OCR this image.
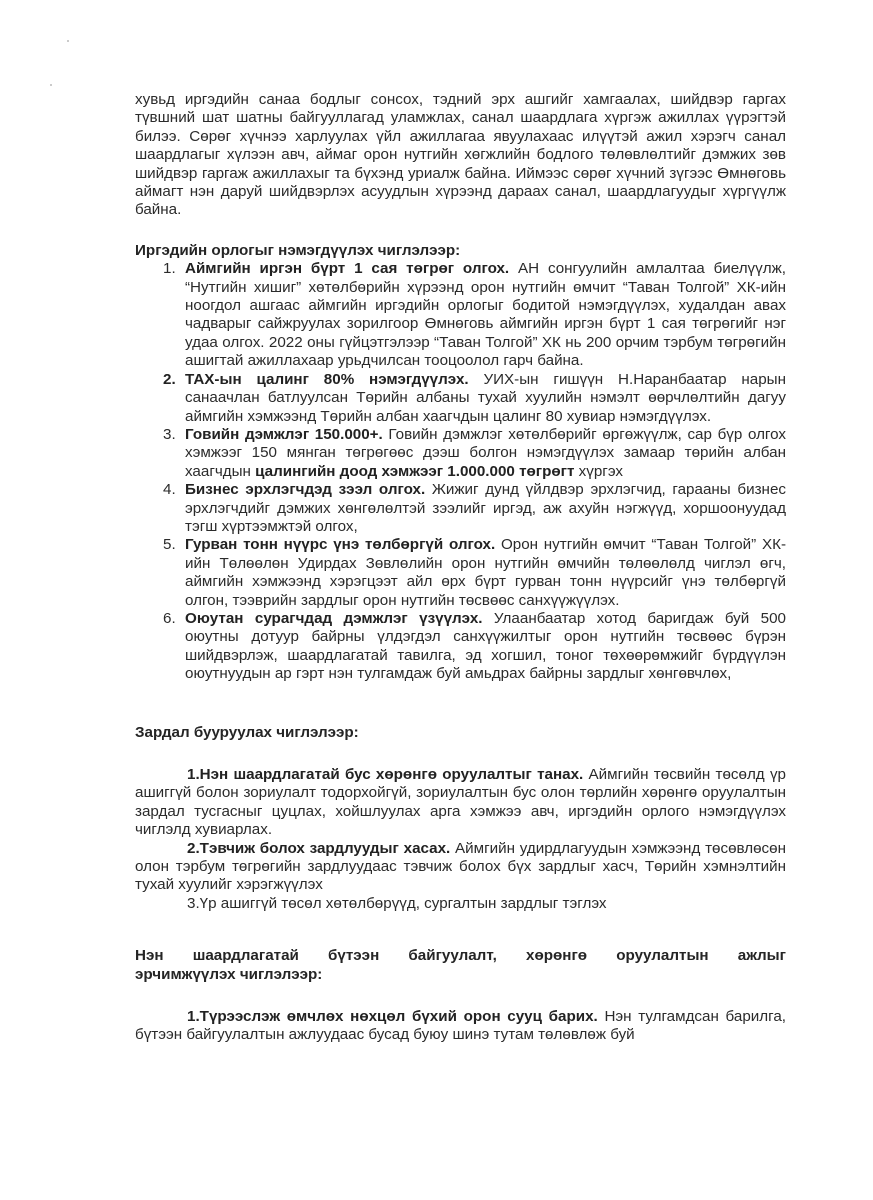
хувьд иргэдийн санаа бодлыг сонсох, тэдний эрх ашгийг хамгаалах, шийдвэр гаргах түвшний шат шатны байгууллагад уламжлах, санал шаардлага хүргэж ажиллах үүрэгтэй билээ. Сөрөг хүчнээ харлуулах үйл ажиллагаа явуулахаас илүүтэй ажил хэрэгч санал шаардлагыг хүлээн авч, аймаг орон нутгийн хөгжлийн бодлого төлөвлөлтийг дэмжих зөв шийдвэр гаргаж ажиллахыг та бүхэнд уриалж байна. Иймээс сөрөг хүчний зүгээс Өмнөговь аймагт нэн даруй шийдвэрлэх асуудлын хүрээнд дараах санал, шаардлагуудыг хүргүүлж байна.

Иргэдийн орлогыг нэмэгдүүлэх чиглэлээр:

1. Аймгийн иргэн бүрт 1 сая төгрөг олгох. АН сонгуулийн амлалтаа биелүүлж, “Нутгийн хишиг” хөтөлбөрийн хүрээнд орон нутгийн өмчит “Таван Толгой” ХК-ийн ноогдол ашгаас аймгийн иргэдийн орлогыг бодитой нэмэгдүүлэх, худалдан авах чадварыг сайжруулах зорилгоор Өмнөговь аймгийн иргэн бүрт 1 сая төгрөгийг нэг удаа олгох. 2022 оны гүйцэтгэлээр “Таван Толгой” ХК нь 200 орчим тэрбум төгрөгийн ашигтай ажиллахаар урьдчилсан тооцоолол гарч байна.
2. ТАХ-ын цалинг 80% нэмэгдүүлэх. УИХ-ын гишүүн Н.Наранбаатар нарын санаачлан батлуулсан Төрийн албаны тухай хуулийн нэмэлт өөрчлөлтийн дагуу аймгийн хэмжээнд Төрийн албан хаагчдын цалинг 80 хувиар нэмэгдүүлэх.
3. Говийн дэмжлэг 150.000+. Говийн дэмжлэг хөтөлбөрийг өргөжүүлж, сар бүр олгох хэмжээг 150 мянган төгрөгөөс дээш болгон нэмэгдүүлэх замаар төрийн албан хаагчдын цалингийн доод хэмжээг 1.000.000 төгрөгт хүргэх
4. Бизнес эрхлэгчдэд зээл олгох. Жижиг дунд үйлдвэр эрхлэгчид, гарааны бизнес эрхлэгчдийг дэмжих хөнгөлөлтэй зээлийг иргэд, аж ахуйн нэгжүүд, хоршоонуудад тэгш хүртээмжтэй олгох,
5. Гурван тонн нүүрс үнэ төлбөргүй олгох. Орон нутгийн өмчит “Таван Толгой” ХК-ийн Төлөөлөн Удирдах Зөвлөлийн орон нутгийн өмчийн төлөөлөлд чиглэл өгч, аймгийн хэмжээнд хэрэгцээт айл өрх бүрт гурван тонн нүүрсийг үнэ төлбөргүй олгон, тээврийн зардлыг орон нутгийн төсвөөс санхүүжүүлэх.
6. Оюутан сурагчдад дэмжлэг үзүүлэх. Улаанбаатар хотод баригдаж буй 500 оюутны дотуур байрны үлдэгдэл санхүүжилтыг орон нутгийн төсвөөс бүрэн шийдвэрлэж, шаардлагатай тавилга, эд хогшил, тоног төхөөрөмжийг бүрдүүлэн оюутнуудын ар гэрт нэн тулгамдаж буй амьдрах байрны зардлыг хөнгөвчлөх,

Зардал бууруулах чиглэлээр:

1.Нэн шаардлагатай бус хөрөнгө оруулалтыг танах. Аймгийн төсвийн төсөлд үр ашиггүй болон зориулалт тодорхойгүй, зориулалтын бус олон төрлийн хөрөнгө оруулалтын зардал тусгасныг цуцлах, хойшлуулах арга хэмжээ авч, иргэдийн орлого нэмэгдүүлэх чиглэлд хувиарлах.

2.Тэвчиж болох зардлуудыг хасах. Аймгийн удирдлагуудын хэмжээнд төсөвлөсөн олон тэрбум төгрөгийн зардлуудаас тэвчиж болох бүх зардлыг хасч, Төрийн хэмнэлтийн тухай хуулийг хэрэгжүүлэх

3.Үр ашиггүй төсөл хөтөлбөрүүд, сургалтын зардлыг тэглэх

Нэн шаардлагатай бүтээн байгуулалт, хөрөнгө оруулалтын ажлыг

эрчимжүүлэх чиглэлээр:

1.Түрээслэж өмчлөх нөхцөл бүхий орон сууц барих. Нэн тулгамдсан барилга, бүтээн байгуулалтын ажлуудаас бусад буюу шинэ тутам төлөвлөж буй
